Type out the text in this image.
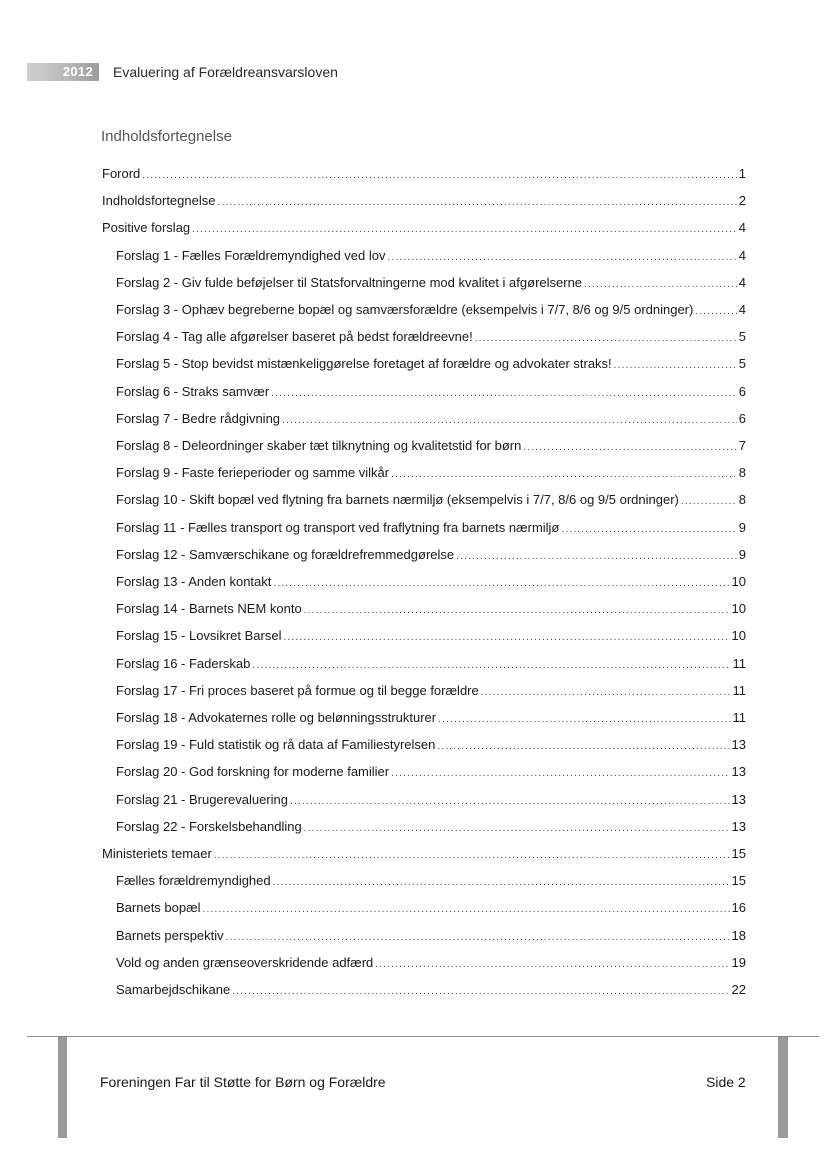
2012 Evaluering af Forældreansvarsloven
Indholdsfortegnelse
Forord .....	1
Indholdsfortegnelse .....	2
Positive forslag .....	4
Forslag 1 - Fælles Forældremyndighed ved lov .....	4
Forslag 2 - Giv fulde beføjelser til Statsforvaltningerne mod kvalitet i afgørelserne .....	4
Forslag 3 - Ophæv begreberne bopæl og samværsforældre (eksempelvis i 7/7, 8/6 og 9/5 ordninger) .....	4
Forslag 4 - Tag alle afgørelser baseret på bedst forældreevne! .....	5
Forslag 5 - Stop bevidst mistænkeliggørelse foretaget af forældre og advokater straks! .....	5
Forslag 6 - Straks samvær .....	6
Forslag 7 - Bedre rådgivning .....	6
Forslag 8 - Deleordninger skaber tæt tilknytning og kvalitetstid for børn .....	7
Forslag 9 - Faste ferieperioder og samme vilkår .....	8
Forslag 10 - Skift bopæl ved flytning fra barnets nærmiljø (eksempelvis i 7/7, 8/6 og 9/5 ordninger) .....	8
Forslag 11 - Fælles transport og transport ved fraflytning fra barnets nærmiljø .....	9
Forslag 12 - Samværschikane og forældrefremmedgørelse .....	9
Forslag 13 - Anden kontakt .....	10
Forslag 14 - Barnets NEM konto .....	10
Forslag 15 - Lovsikret Barsel .....	10
Forslag 16 - Faderskab .....	11
Forslag 17 - Fri proces baseret på formue og til begge forældre .....	11
Forslag 18 - Advokaternes rolle og belønningsstrukturer .....	11
Forslag 19 - Fuld statistik og rå data af Familiestyrelsen .....	13
Forslag 20 - God forskning for moderne familier .....	13
Forslag 21 - Brugerevaluering .....	13
Forslag 22 - Forskelsbehandling .....	13
Ministeriets temaer .....	15
Fælles forældremyndighed .....	15
Barnets bopæl .....	16
Barnets perspektiv .....	18
Vold og anden grænseoverskridende adfærd .....	19
Samarbejdschikane .....	22
Foreningen Far til Støtte for Børn og Forældre	Side 2
